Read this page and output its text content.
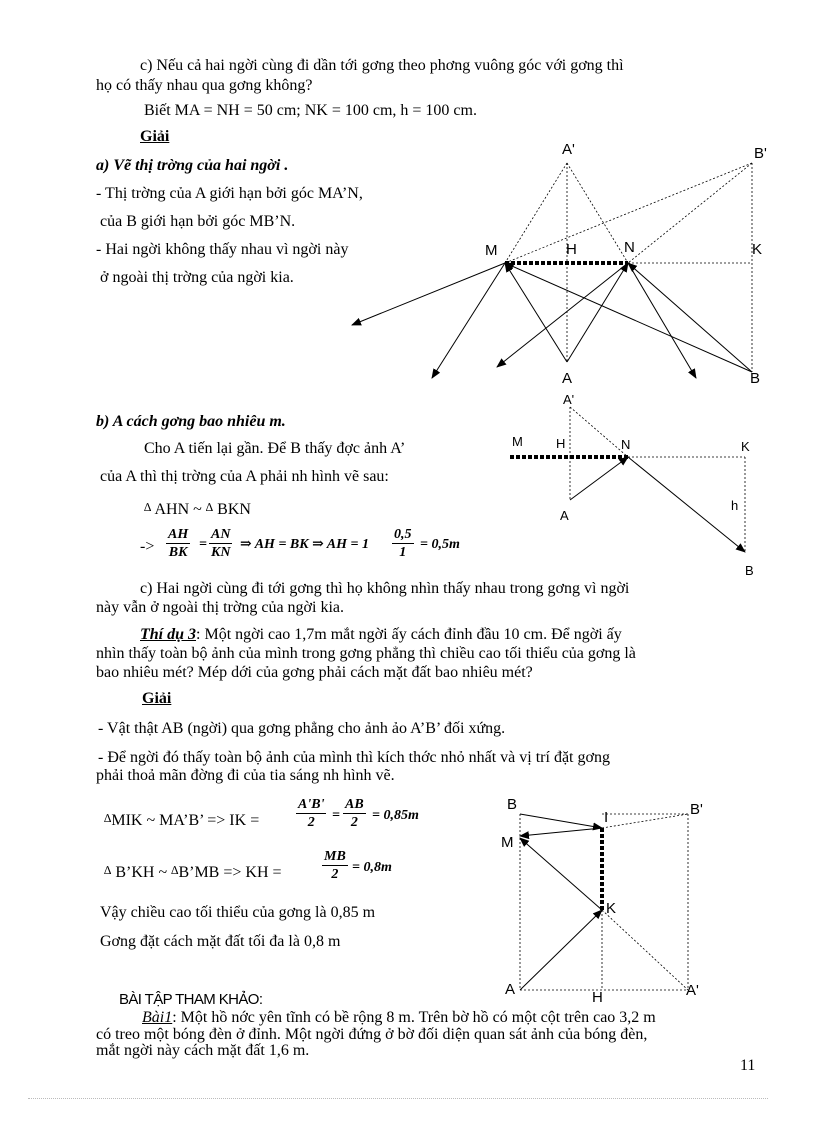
c) Nếu cả hai ngời cùng đi dần tới gơng theo phơng vuông góc với gơng thì
họ có thấy nhau qua gơng không?
Biết MA = NH = 50 cm; NK = 100 cm, h = 100 cm.
Giải
a) Vẽ thị trờng của hai ngời .
- Thị trờng của A giới hạn bởi góc MA’N,
của B giới hạn bởi góc MB’N.
- Hai ngời không thấy nhau vì ngời này
ở ngoài thị trờng của ngời kia.
A'	B'
M	H	N	K
A	B
b) A cách gơng bao nhiêu m.
Cho A tiến lại gần. Để B thấy đợc ảnh A’
của A thì thị trờng của A phải nh hình vẽ sau:
∆ AHN ~ ∆ BKN
-> $\frac{AH}{BK} = \frac{AN}{KN}$ ⇒ AH = BK ⇒ AH = $1 \frac{0,5}{1} = 0,5m$
A'
M	H	N	K
A
h
B
c) Hai ngời cùng đi tới gơng thì họ không nhìn thấy nhau trong gơng vì ngời
này vẫn ở ngoài thị trờng của ngời kia.
Thí dụ 3: Một ngời cao 1,7m mắt ngời ấy cách đỉnh đầu 10 cm. Để ngời ấy
nhìn thấy toàn bộ ảnh của mình trong gơng phẳng thì chiều cao tối thiểu của gơng là
bao nhiêu mét? Mép dới của gơng phải cách mặt đất bao nhiêu mét?
Giải
- Vật thật AB (ngời) qua gơng phẳng cho ảnh ảo A’B’ đối xứng.
- Để ngời đó thấy toàn bộ ảnh của mình thì kích thớc nhỏ nhất và vị trí đặt gơng
phải thoả mãn đờng đi của tia sáng nh hình vẽ.
∆MIK ~ MA’B’ => IK =	$\frac{A'B'}{2} = \frac{AB}{2} = 0,85m$
∆ B’KH ~ ∆B’MB => KH =	$\frac{MB}{2} = 0,8m$
Vậy chiều cao tối thiểu của gơng là 0,85 m
Gơng đặt cách mặt đất tối đa là 0,8 m
B
I	B'
M
K
A	H	A'
BÀI TẬP THAM KHẢO:
Bài1: Một hồ nớc yên tĩnh có bề rộng 8 m. Trên bờ hồ có một cột trên cao 3,2 m
có treo một bóng đèn ở đỉnh. Một ngời đứng ở bờ đối diện quan sát ảnh của bóng đèn,
mắt ngời này cách mặt đất 1,6 m.
11
